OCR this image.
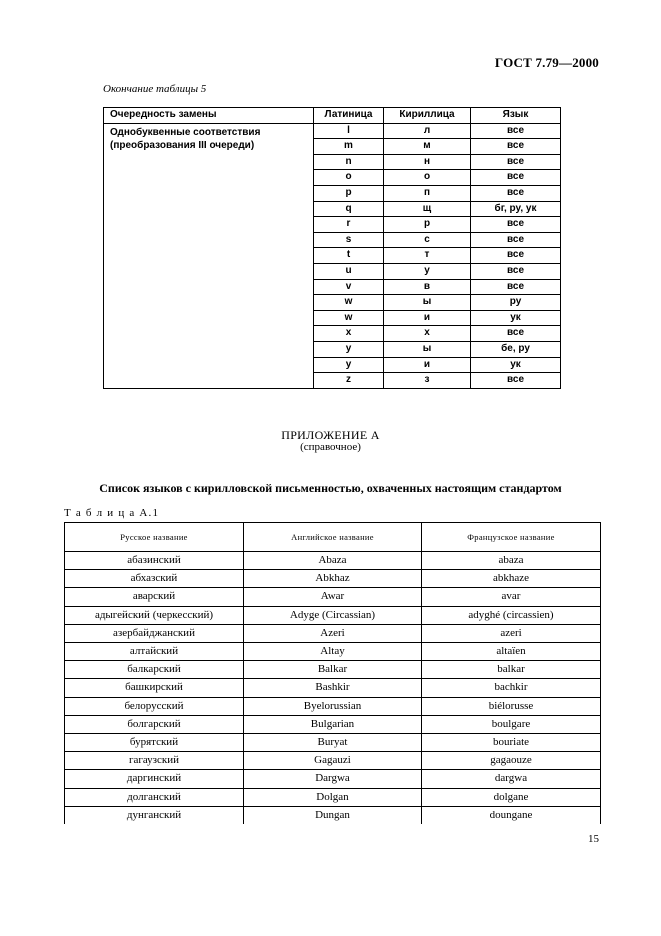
ГОСТ 7.79—2000
Окончание таблицы 5
Очередность замены	Латиница	Кириллица	Язык
Однобуквенные соответствия (преобразования III очереди)	l	л	все
	m	м	все
	n	н	все
	o	о	все
	p	п	все
	q	щ	бг, ру, ук
	r	р	все
	s	с	все
	t	т	все
	u	у	все
	v	в	все
	w	ы	ру
	w	и	ук
	x	х	все
	y	ы	бе, ру
	y	и	ук
	z	з	все
ПРИЛОЖЕНИЕ А
(справочное)
Список языков с кирилловской письменностью, охваченных настоящим стандартом
Т а б л и ц а А.1
Русское название	Английское название	Французское название
абазинский	Abaza	abaza
абхазский	Abkhaz	abkhaze
аварский	Awar	avar
адыгейский (черкесский)	Adyge (Circassian)	adyghé (circassien)
азербайджанский	Azeri	azeri
алтайский	Altay	altaïen
балкарский	Balkar	balkar
башкирский	Bashkir	bachkir
белорусский	Byelorussian	biélorusse
болгарский	Bulgarian	boulgare
бурятский	Buryat	bouriate
гагаузский	Gagauzi	gagaouze
даргинский	Dargwa	dargwa
долганский	Dolgan	dolgane
дунганский	Dungan	doungane
15
